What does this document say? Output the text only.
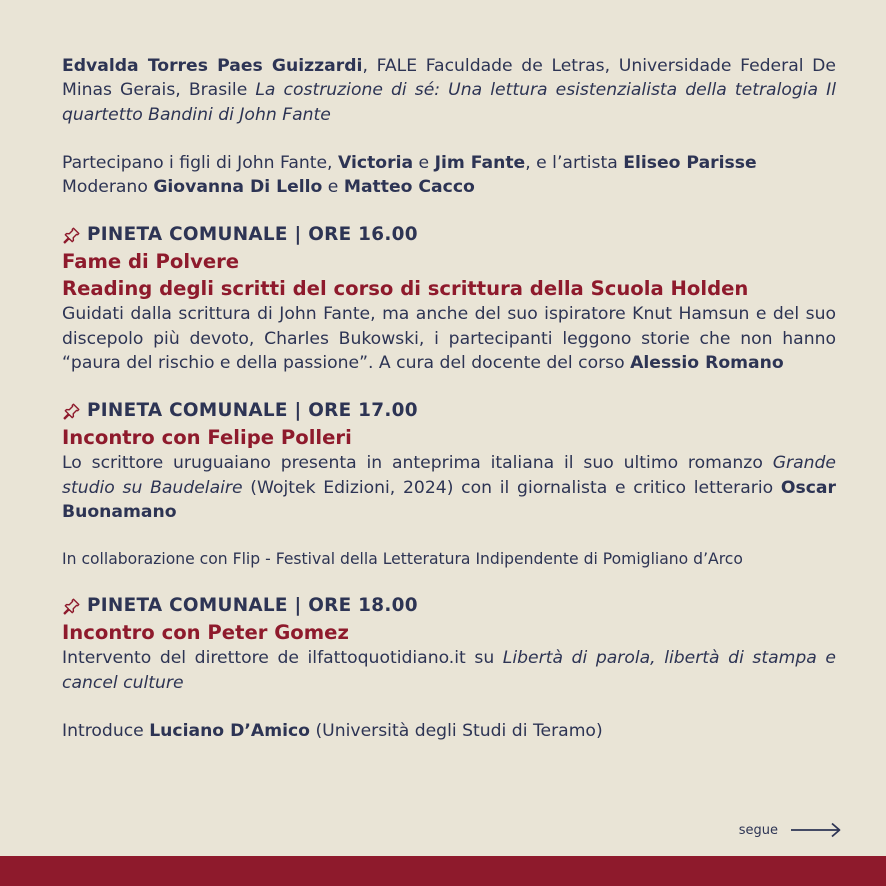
Edvalda Torres Paes Guizzardi, FALE Faculdade de Letras, Universidade Federal De Minas Gerais, Brasile La costruzione di sé: Una lettura esistenzialista della tetralogia Il quartetto Bandini di John Fante

Partecipano i figli di John Fante, Victoria e Jim Fante, e l’artista Eliseo Parisse
Moderano Giovanna Di Lello e Matteo Cacco

PINETA COMUNALE | ORE 16.00

Fame di Polvere

Reading degli scritti del corso di scrittura della Scuola Holden

Guidati dalla scrittura di John Fante, ma anche del suo ispiratore Knut Hamsun e del suo discepolo più devoto, Charles Bukowski, i partecipanti leggono storie che non hanno “paura del rischio e della passione”. A cura del docente del corso Alessio Romano

PINETA COMUNALE | ORE 17.00

Incontro con Felipe Polleri

Lo scrittore uruguaiano presenta in anteprima italiana il suo ultimo romanzo Grande studio su Baudelaire (Wojtek Edizioni, 2024) con il giornalista e critico letterario Oscar Buonamano

In collaborazione con Flip - Festival della Letteratura Indipendente di Pomigliano d’Arco

PINETA COMUNALE | ORE 18.00

Incontro con Peter Gomez

Intervento del direttore de ilfattoquotidiano.it su Libertà di parola, libertà di stampa e cancel culture

Introduce Luciano D’Amico (Università degli Studi di Teramo)

segue
